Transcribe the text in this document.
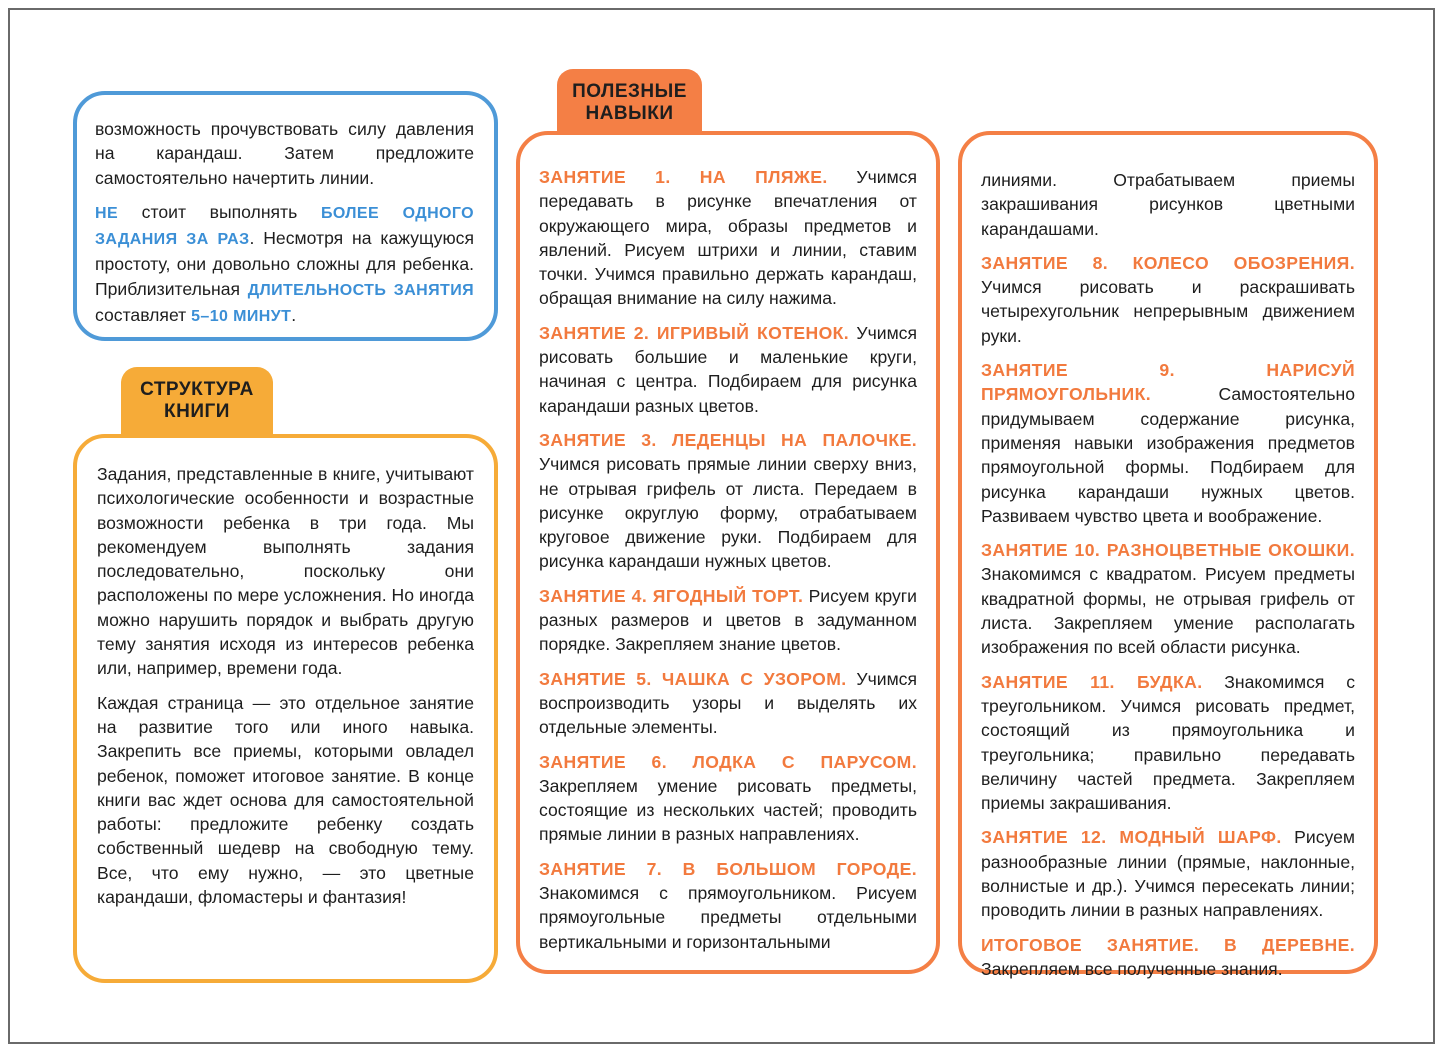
возможность прочувствовать силу давления на карандаш. Затем предложите самостоятельно начертить линии.

НЕ стоит выполнять БОЛЕЕ ОДНОГО ЗАДАНИЯ ЗА РАЗ. Несмотря на кажущуюся простоту, они довольно сложны для ребенка. Приблизительная ДЛИТЕЛЬНОСТЬ ЗАНЯТИЯ составляет 5–10 МИНУТ.

СТРУКТУРА
КНИГИ

Задания, представленные в книге, учитывают психологические особенности и возрастные возможности ребенка в три года. Мы рекомендуем выполнять задания последовательно, поскольку они расположены по мере усложнения. Но иногда можно нарушить порядок и выбрать другую тему занятия исходя из интересов ребенка или, например, времени года.

Каждая страница — это отдельное занятие на развитие того или иного навыка. Закрепить все приемы, которыми овладел ребенок, поможет итоговое занятие. В конце книги вас ждет основа для самостоятельной работы: предложите ребенку создать собственный шедевр на свободную тему. Все, что ему нужно, — это цветные карандаши, фломастеры и фантазия!

ПОЛЕЗНЫЕ
НАВЫКИ

ЗАНЯТИЕ 1. НА ПЛЯЖЕ. Учимся передавать в рисунке впечатления от окружающего мира, образы предметов и явлений. Рисуем штрихи и линии, ставим точки. Учимся правильно держать карандаш, обращая внимание на силу нажима.

ЗАНЯТИЕ 2. ИГРИВЫЙ КОТЕНОК. Учимся рисовать большие и маленькие круги, начиная с центра. Подбираем для рисунка карандаши разных цветов.

ЗАНЯТИЕ 3. ЛЕДЕНЦЫ НА ПАЛОЧКЕ. Учимся рисовать прямые линии сверху вниз, не отрывая грифель от листа. Передаем в рисунке округлую форму, отрабатываем круговое движение руки. Подбираем для рисунка карандаши нужных цветов.

ЗАНЯТИЕ 4. ЯГОДНЫЙ ТОРТ. Рисуем круги разных размеров и цветов в задуманном порядке. Закрепляем знание цветов.

ЗАНЯТИЕ 5. ЧАШКА С УЗОРОМ. Учимся воспроизводить узоры и выделять их отдельные элементы.

ЗАНЯТИЕ 6. ЛОДКА С ПАРУСОМ. Закрепляем умение рисовать предметы, состоящие из нескольких частей; проводить прямые линии в разных направлениях.

ЗАНЯТИЕ 7. В БОЛЬШОМ ГОРОДЕ. Знакомимся с прямоугольником. Рисуем прямоугольные предметы отдельными вертикальными и горизонтальными

линиями. Отрабатываем приемы закрашивания рисунков цветными карандашами.

ЗАНЯТИЕ 8. КОЛЕСО ОБОЗРЕНИЯ. Учимся рисовать и раскрашивать четырехугольник непрерывным движением руки.

ЗАНЯТИЕ 9. НАРИСУЙ ПРЯМОУГОЛЬНИК. Самостоятельно придумываем содержание рисунка, применяя навыки изображения предметов прямоугольной формы. Подбираем для рисунка карандаши нужных цветов. Развиваем чувство цвета и воображение.

ЗАНЯТИЕ 10. РАЗНОЦВЕТНЫЕ ОКОШКИ. Знакомимся с квадратом. Рисуем предметы квадратной формы, не отрывая грифель от листа. Закрепляем умение располагать изображения по всей области рисунка.

ЗАНЯТИЕ 11. БУДКА. Знакомимся с треугольником. Учимся рисовать предмет, состоящий из прямоугольника и треугольника; правильно передавать величину частей предмета. Закрепляем приемы закрашивания.

ЗАНЯТИЕ 12. МОДНЫЙ ШАРФ. Рисуем разнообразные линии (прямые, наклонные, волнистые и др.). Учимся пересекать линии; проводить линии в разных направлениях.

ИТОГОВОЕ ЗАНЯТИЕ. В ДЕРЕВНЕ. Закрепляем все полученные знания.
